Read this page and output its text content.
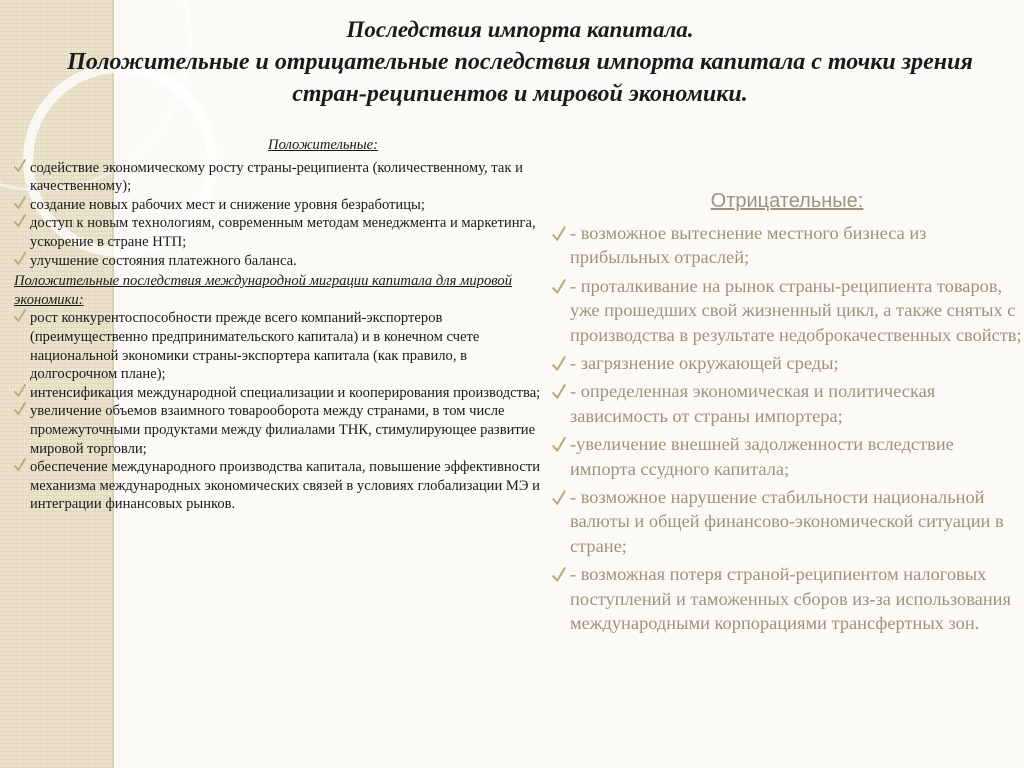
Последствия импорта капитала.
Положительные и отрицательные последствия импорта капитала с точки зрения стран-реципиентов и мировой экономики.
Положительные:
содействие экономическому росту страны-реципиента (количественному, так и качественному);
создание новых рабочих мест и снижение уровня безработицы;
доступ к новым технологиям, современным методам менеджмента и маркетинга, ускорение в стране НТП;
улучшение состояния платежного баланса.
Положительные последствия международной миграции капитала для мировой экономики:
рост конкурентоспособности прежде всего компаний-экспортеров (преимущественно предпринимательского капитала) и в конечном счете национальной экономики страны-экспортера капитала (как правило, в долгосрочном плане);
интенсификация международной специализации и кооперирования производства;
увеличение объемов взаимного товарооборота между странами, в том числе промежуточными продуктами между филиалами ТНК, стимулирующее развитие мировой торговли;
обеспечение международного производства капитала, повышение эффективности механизма международных экономических связей в условиях глобализации МЭ и интеграции финансовых рынков.
Отрицательные:
- возможное вытеснение местного бизнеса из прибыльных отраслей;
- проталкивание на рынок страны-реципиента товаров, уже прошедших свой жизненный цикл, а также снятых с производства в результате недоброкачественных свойств;
- загрязнение окружающей среды;
- определенная экономическая и политическая зависимость от страны импортера;
-увеличение внешней задолженности вследствие импорта ссудного капитала;
- возможное нарушение стабильности национальной валюты и общей финансово-экономической ситуации в стране;
- возможная потеря страной-реципиентом налоговых поступлений и таможенных сборов из-за использования международными корпорациями трансфертных зон.
